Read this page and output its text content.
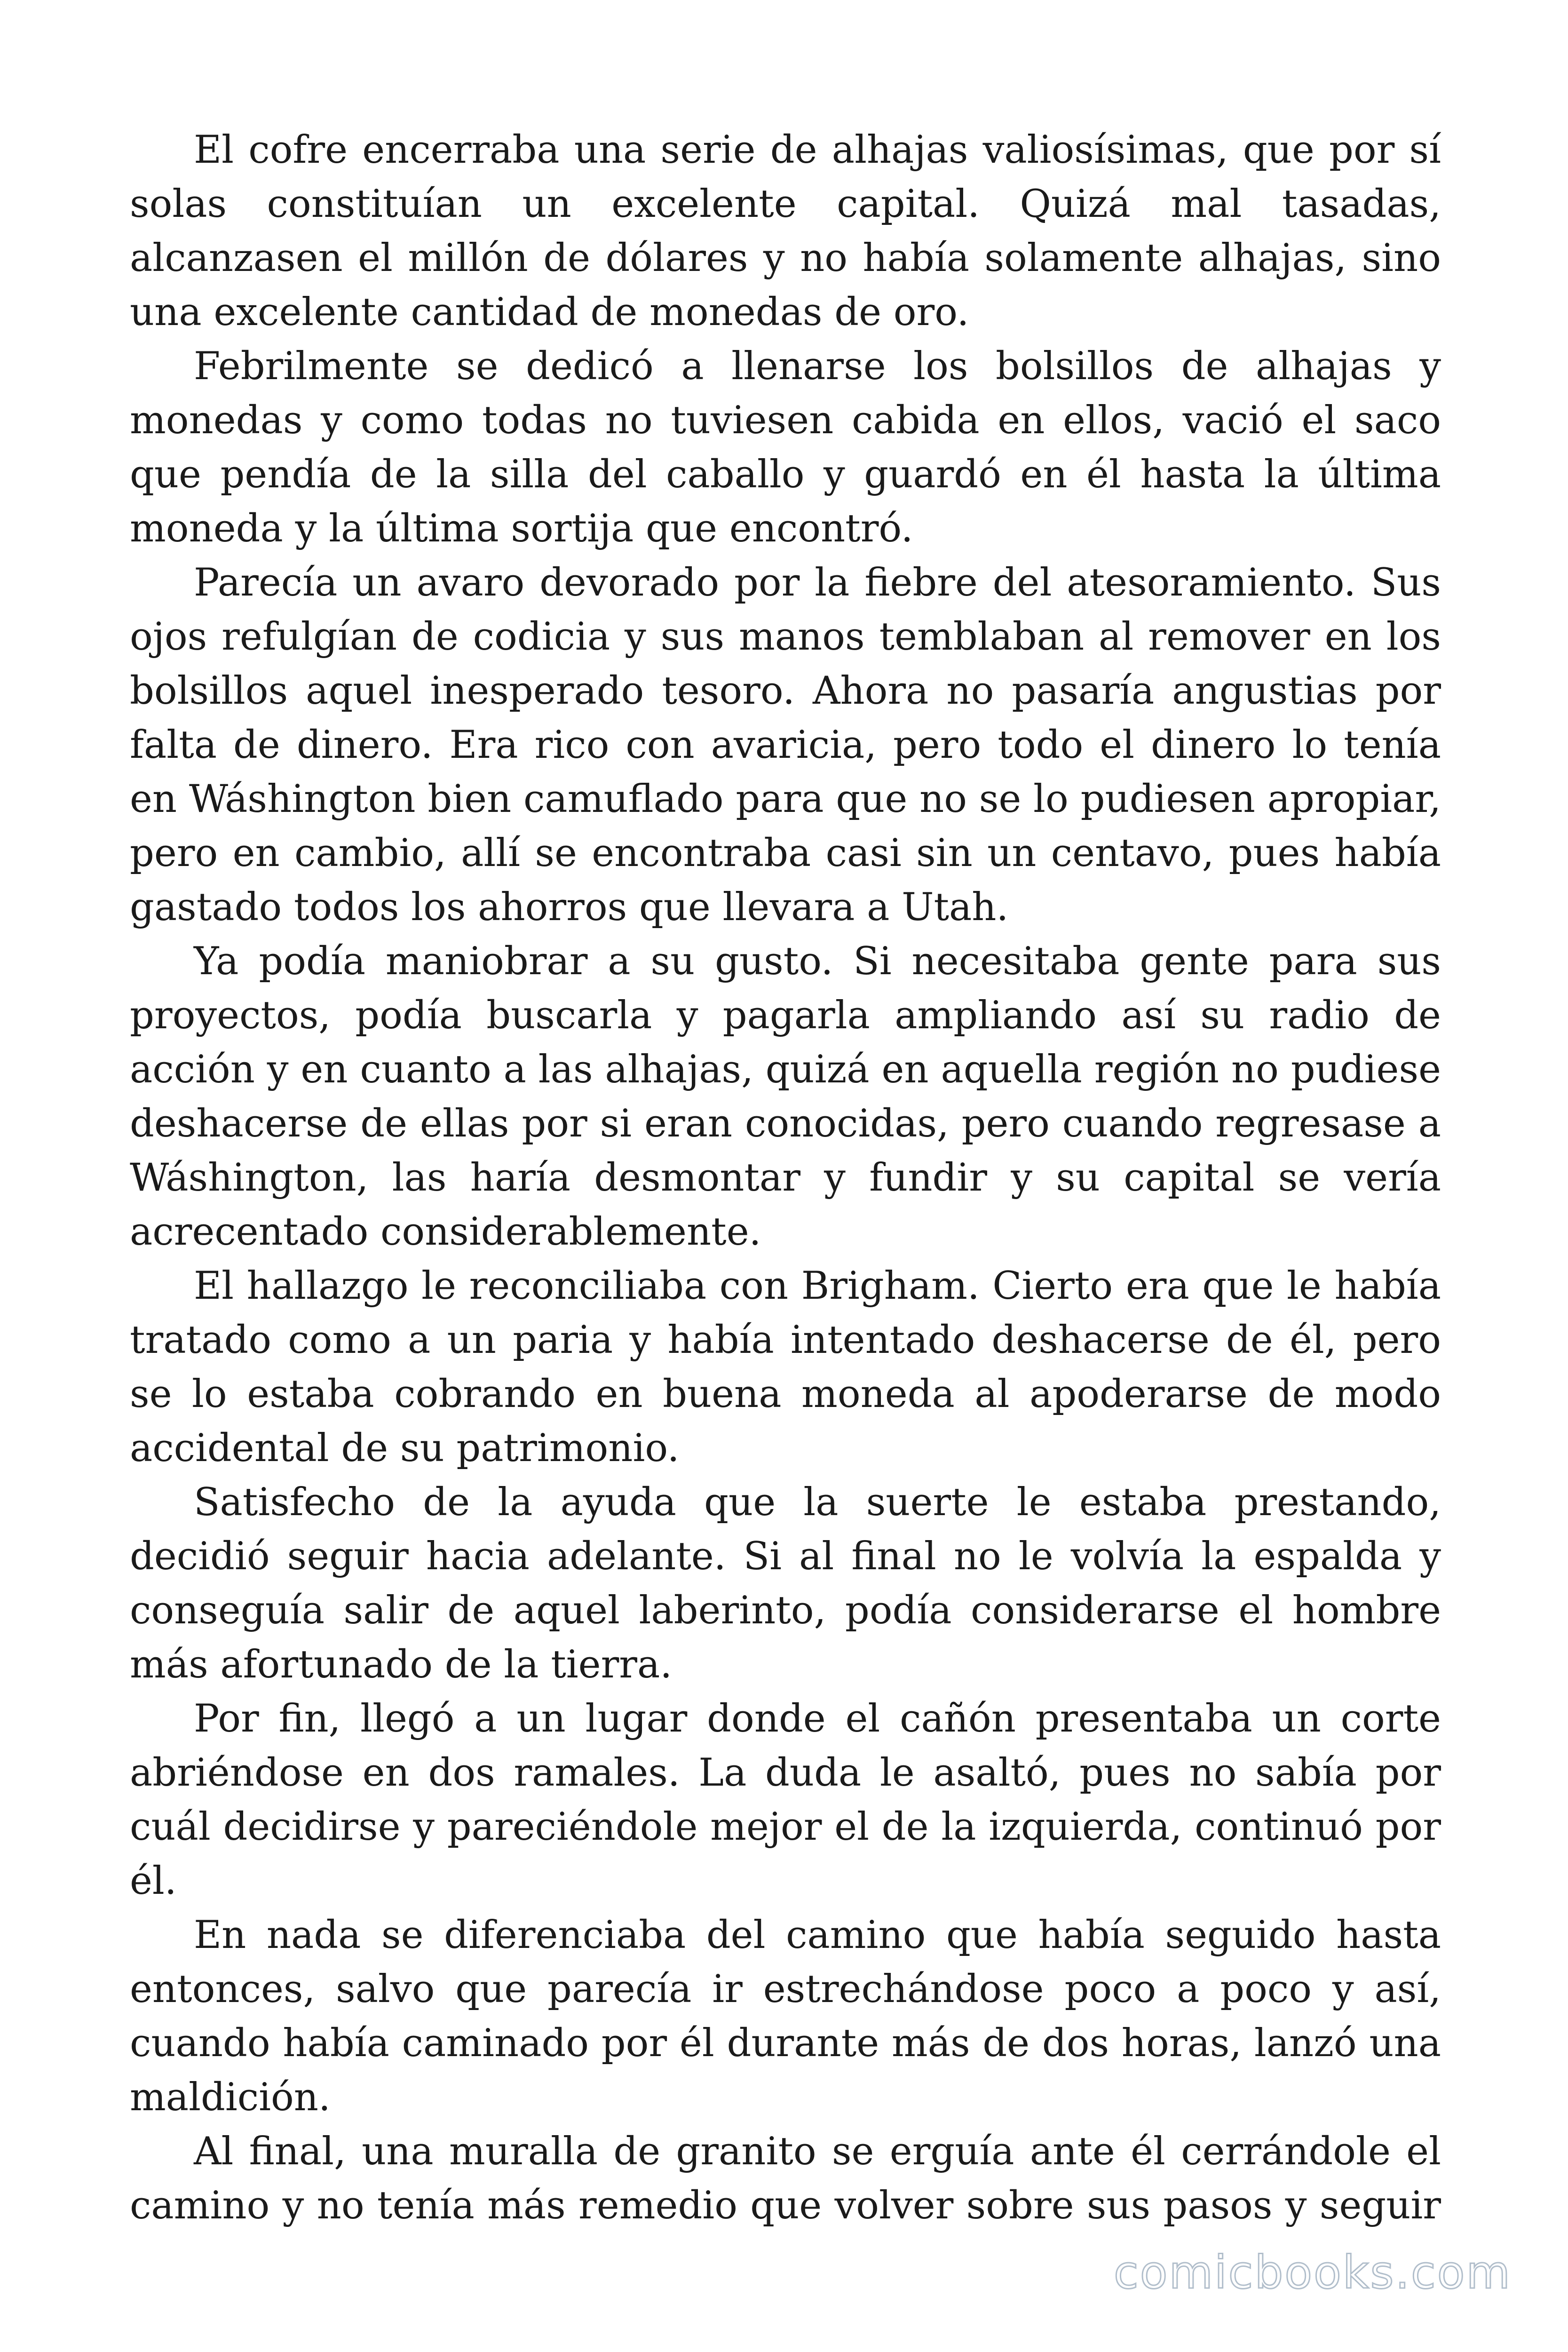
El cofre encerraba una serie de alhajas valiosísimas, que por sí solas constituían un excelente capital. Quizá mal tasadas, alcanzasen el millón de dólares y no había solamente alhajas, sino una excelente cantidad de monedas de oro.

Febrilmente se dedicó a llenarse los bolsillos de alhajas y monedas y como todas no tuviesen cabida en ellos, vació el saco que pendía de la silla del caballo y guardó en él hasta la última moneda y la última sortija que encontró.

Parecía un avaro devorado por la fiebre del atesoramiento. Sus ojos refulgían de codicia y sus manos temblaban al remover en los bolsillos aquel inesperado tesoro. Ahora no pasaría angustias por falta de dinero. Era rico con avaricia, pero todo el dinero lo tenía en Wáshington bien camuflado para que no se lo pudiesen apropiar, pero en cambio, allí se encontraba casi sin un centavo, pues había gastado todos los ahorros que llevara a Utah.

Ya podía maniobrar a su gusto. Si necesitaba gente para sus proyectos, podía buscarla y pagarla ampliando así su radio de acción y en cuanto a las alhajas, quizá en aquella región no pudiese deshacerse de ellas por si eran conocidas, pero cuando regresase a Wáshington, las haría desmontar y fundir y su capital se vería acrecentado considerablemente.

El hallazgo le reconciliaba con Brigham. Cierto era que le había tratado como a un paria y había intentado deshacerse de él, pero se lo estaba cobrando en buena moneda al apoderarse de modo accidental de su patrimonio.

Satisfecho de la ayuda que la suerte le estaba prestando, decidió seguir hacia adelante. Si al final no le volvía la espalda y conseguía salir de aquel laberinto, podía considerarse el hombre más afortunado de la tierra.

Por fin, llegó a un lugar donde el cañón presentaba un corte abriéndose en dos ramales. La duda le asaltó, pues no sabía por cuál decidirse y pareciéndole mejor el de la izquierda, continuó por él.

En nada se diferenciaba del camino que había seguido hasta entonces, salvo que parecía ir estrechándose poco a poco y así, cuando había caminado por él durante más de dos horas, lanzó una maldición.

Al final, una muralla de granito se erguía ante él cerrándole el camino y no tenía más remedio que volver sobre sus pasos y seguir

comicbooks.com
